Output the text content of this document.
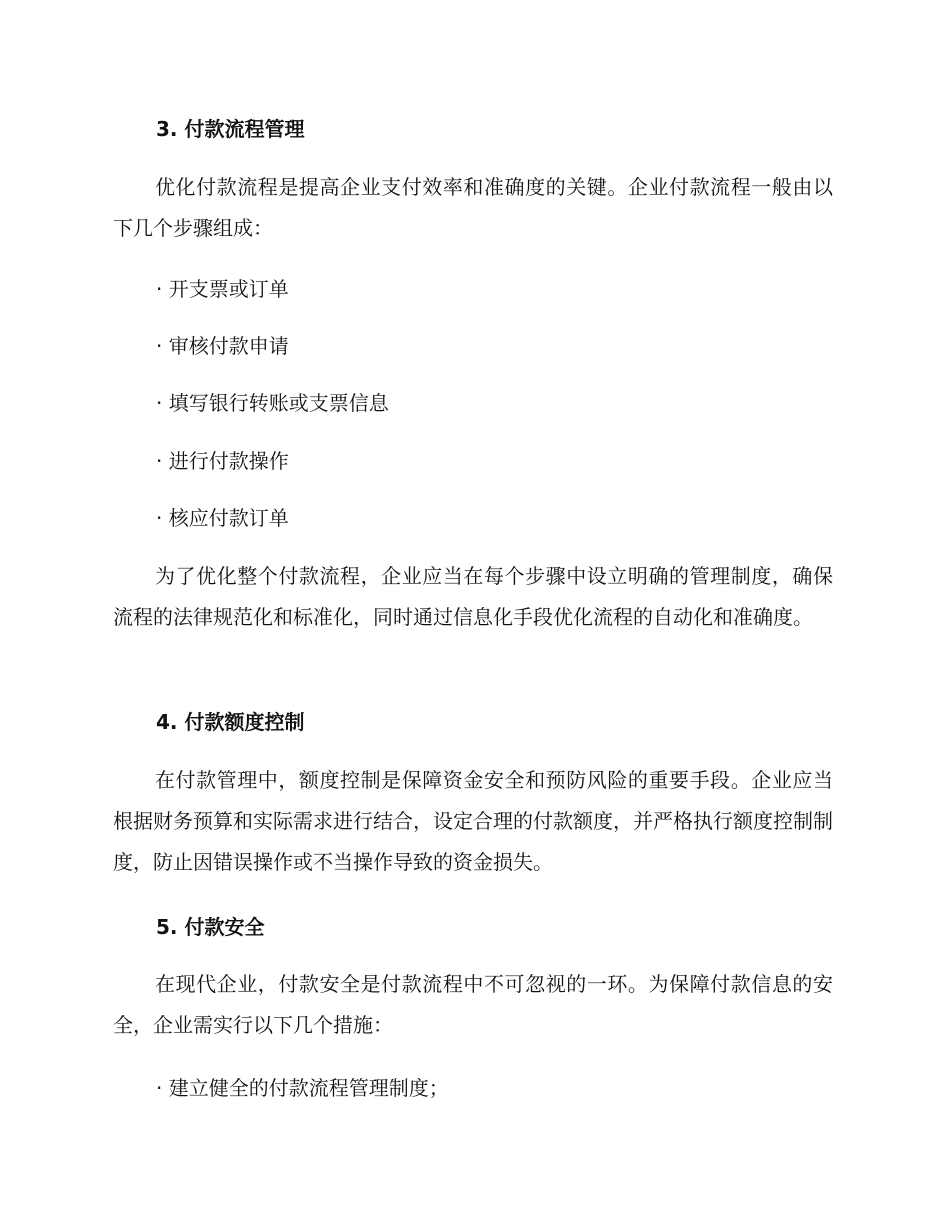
3. 付款流程管理
优化付款流程是提高企业支付效率和准确度的关键。企业付款流程一般由以下几个步骤组成：
· 开支票或订单
· 审核付款申请
· 填写银行转账或支票信息
· 进行付款操作
· 核应付款订单
为了优化整个付款流程，企业应当在每个步骤中设立明确的管理制度，确保流程的法律规范化和标准化，同时通过信息化手段优化流程的自动化和准确度。
4. 付款额度控制
在付款管理中，额度控制是保障资金安全和预防风险的重要手段。企业应当根据财务预算和实际需求进行结合，设定合理的付款额度，并严格执行额度控制制度，防止因错误操作或不当操作导致的资金损失。
5. 付款安全
在现代企业，付款安全是付款流程中不可忽视的一环。为保障付款信息的安全，企业需实行以下几个措施：
· 建立健全的付款流程管理制度；
